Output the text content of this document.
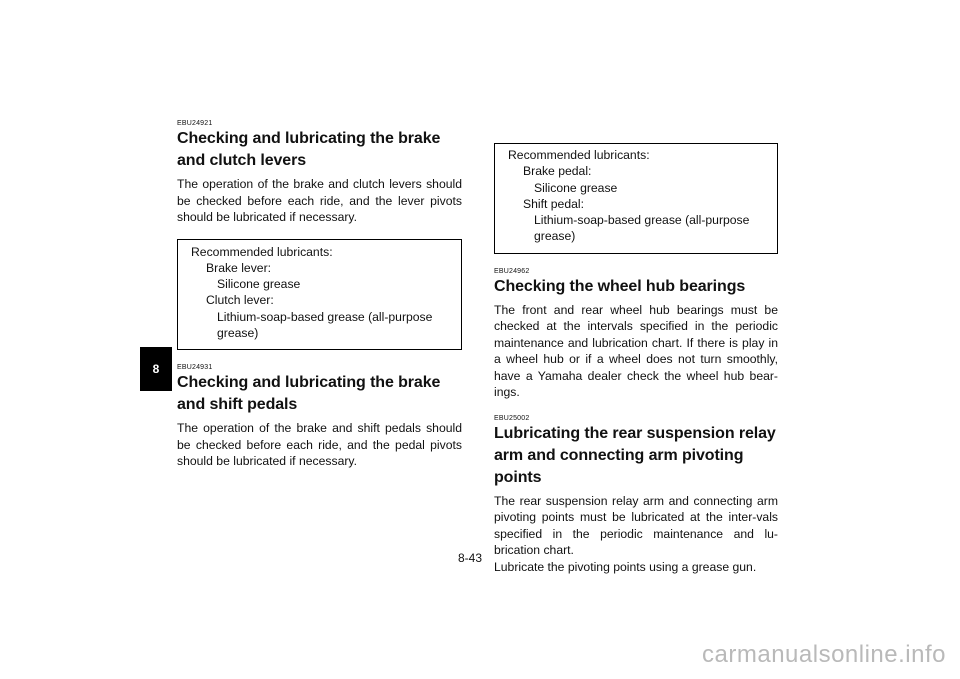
8
EBU24921
Checking and lubricating the brake and clutch levers

The operation of the brake and clutch levers should be checked before each ride, and the lever pivots should be lubricated if necessary.

Recommended lubricants:
Brake lever:
Silicone grease
Clutch lever:
Lithium-soap-based grease (all-purpose grease)
EBU24931
Checking and lubricating the brake and shift pedals

The operation of the brake and shift pedals should be checked before each ride, and the pedal pivots should be lubricated if necessary.

Recommended lubricants:
Brake pedal:
Silicone grease
Shift pedal:
Lithium-soap-based grease (all-purpose grease)
EBU24962
Checking the wheel hub bearings

The front and rear wheel hub bearings must be checked at the intervals specified in the periodic maintenance and lubrication chart. If there is play in a wheel hub or if a wheel does not turn smoothly, have a Yamaha dealer check the wheel hub bear-ings.

EBU25002
Lubricating the rear suspension relay arm and connecting arm pivoting points

The rear suspension relay arm and connecting arm pivoting points must be lubricated at the inter-vals specified in the periodic maintenance and lu-brication chart.

Lubricate the pivoting points using a grease gun.

8-43
carmanualsonline.info
